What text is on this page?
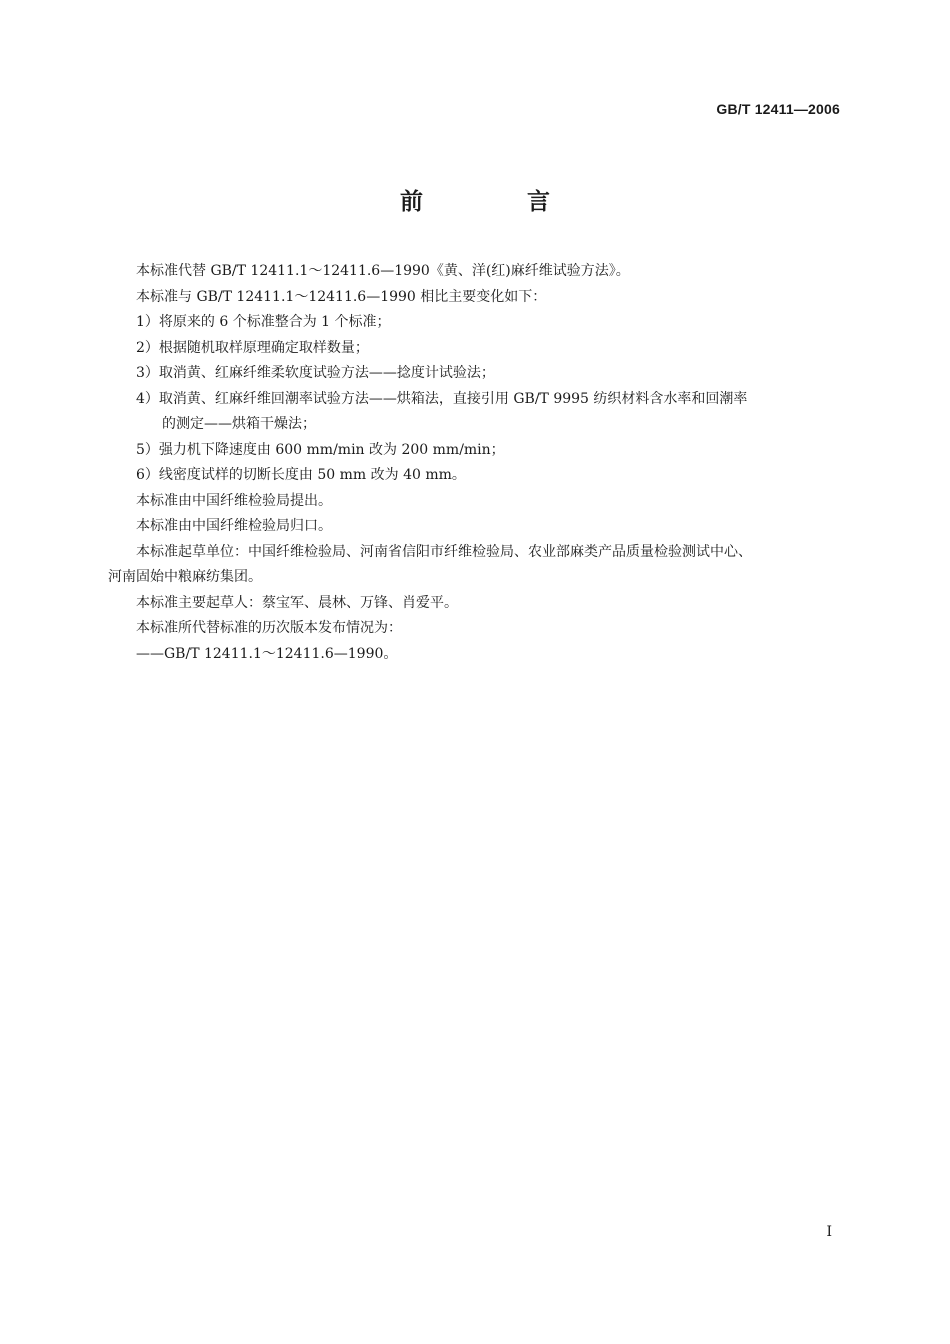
GB/T 12411—2006
前 言

本标准代替 GB/T 12411.1～12411.6—1990《黄、洋(红)麻纤维试验方法》。

本标准与 GB/T 12411.1～12411.6—1990 相比主要变化如下：

1）将原来的 6 个标准整合为 1 个标准；

2）根据随机取样原理确定取样数量；

3）取消黄、红麻纤维柔软度试验方法——捻度计试验法；

4）取消黄、红麻纤维回潮率试验方法——烘箱法，直接引用 GB/T 9995 纺织材料含水率和回潮率

的测定——烘箱干燥法；

5）强力机下降速度由 600 mm/min 改为 200 mm/min；

6）线密度试样的切断长度由 50 mm 改为 40 mm。

本标准由中国纤维检验局提出。

本标准由中国纤维检验局归口。

本标准起草单位：中国纤维检验局、河南省信阳市纤维检验局、农业部麻类产品质量检验测试中心、

河南固始中粮麻纺集团。

本标准主要起草人：蔡宝军、晨林、万锋、肖爱平。

本标准所代替标准的历次版本发布情况为：

——GB/T 12411.1～12411.6—1990。

I
